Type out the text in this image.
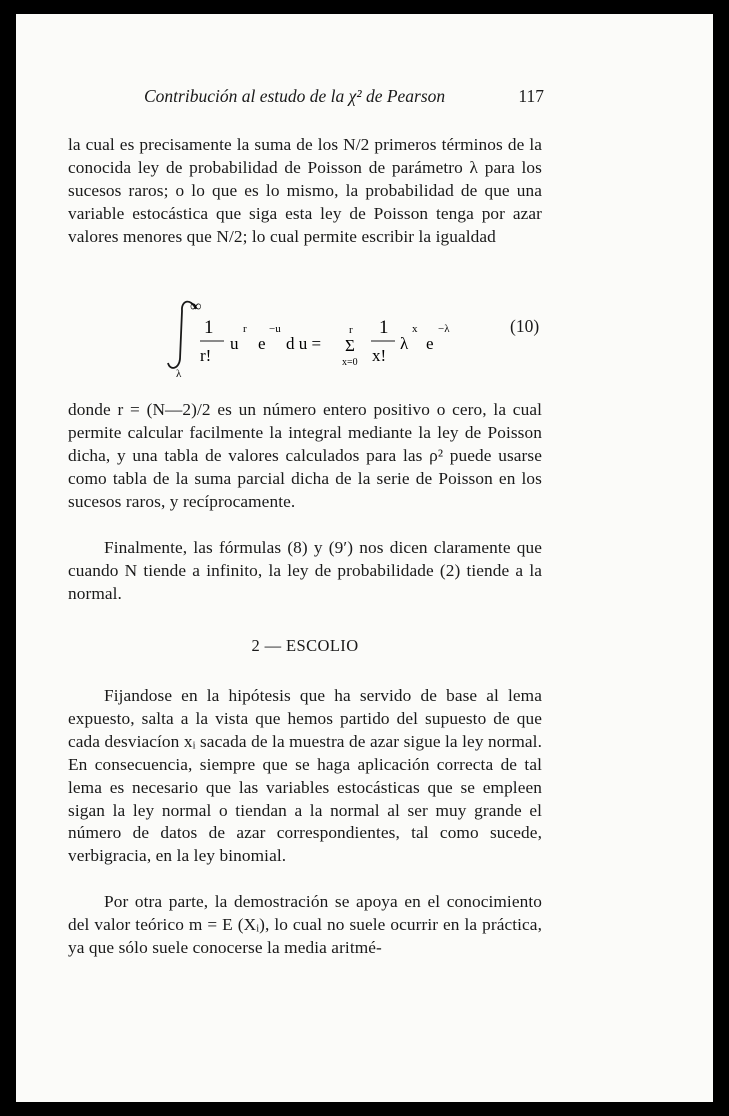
Contribución al estudo de la χ² de Pearson	117

la cual es precisamente la suma de los N/2 primeros términos de la conocida ley de probabilidad de Poisson de parámetro λ para los sucesos raros; o lo que es lo mismo, la probabilidad de que una variable estocástica que siga esta ley de Poisson tenga por azar valores menores que N/2; lo cual permite escribir la igualdad

∞
λ
1
r!
u
r
e
−u
d u =
r
Σ
x=0
1
x!
λ
x
e
−λ	(10)

donde r = (N—2)/2 es un número entero positivo o cero, la cual permite calcular facilmente la integral mediante la ley de Poisson dicha, y una tabla de valores calculados para las ρ² puede usarse como tabla de la suma parcial dicha de la serie de Poisson en los sucesos raros, y recíprocamente.

Finalmente, las fórmulas (8) y (9′) nos dicen claramente que cuando N tiende a infinito, la ley de probabilidade (2) tiende a la normal.

2 — ESCOLIO

Fijandose en la hipótesis que ha servido de base al lema expuesto, salta a la vista que hemos partido del supuesto de que cada desviacíon xᵢ sacada de la muestra de azar sigue la ley normal. En consecuencia, siempre que se haga aplicación correcta de tal lema es necesario que las variables estocásticas que se empleen sigan la ley normal o tiendan a la normal al ser muy grande el número de datos de azar correspondientes, tal como sucede, verbigracia, en la ley binomial.

Por otra parte, la demostración se apoya en el conocimiento del valor teórico m = E (Xᵢ), lo cual no suele ocurrir en la práctica, ya que sólo suele conocerse la media aritmé-
